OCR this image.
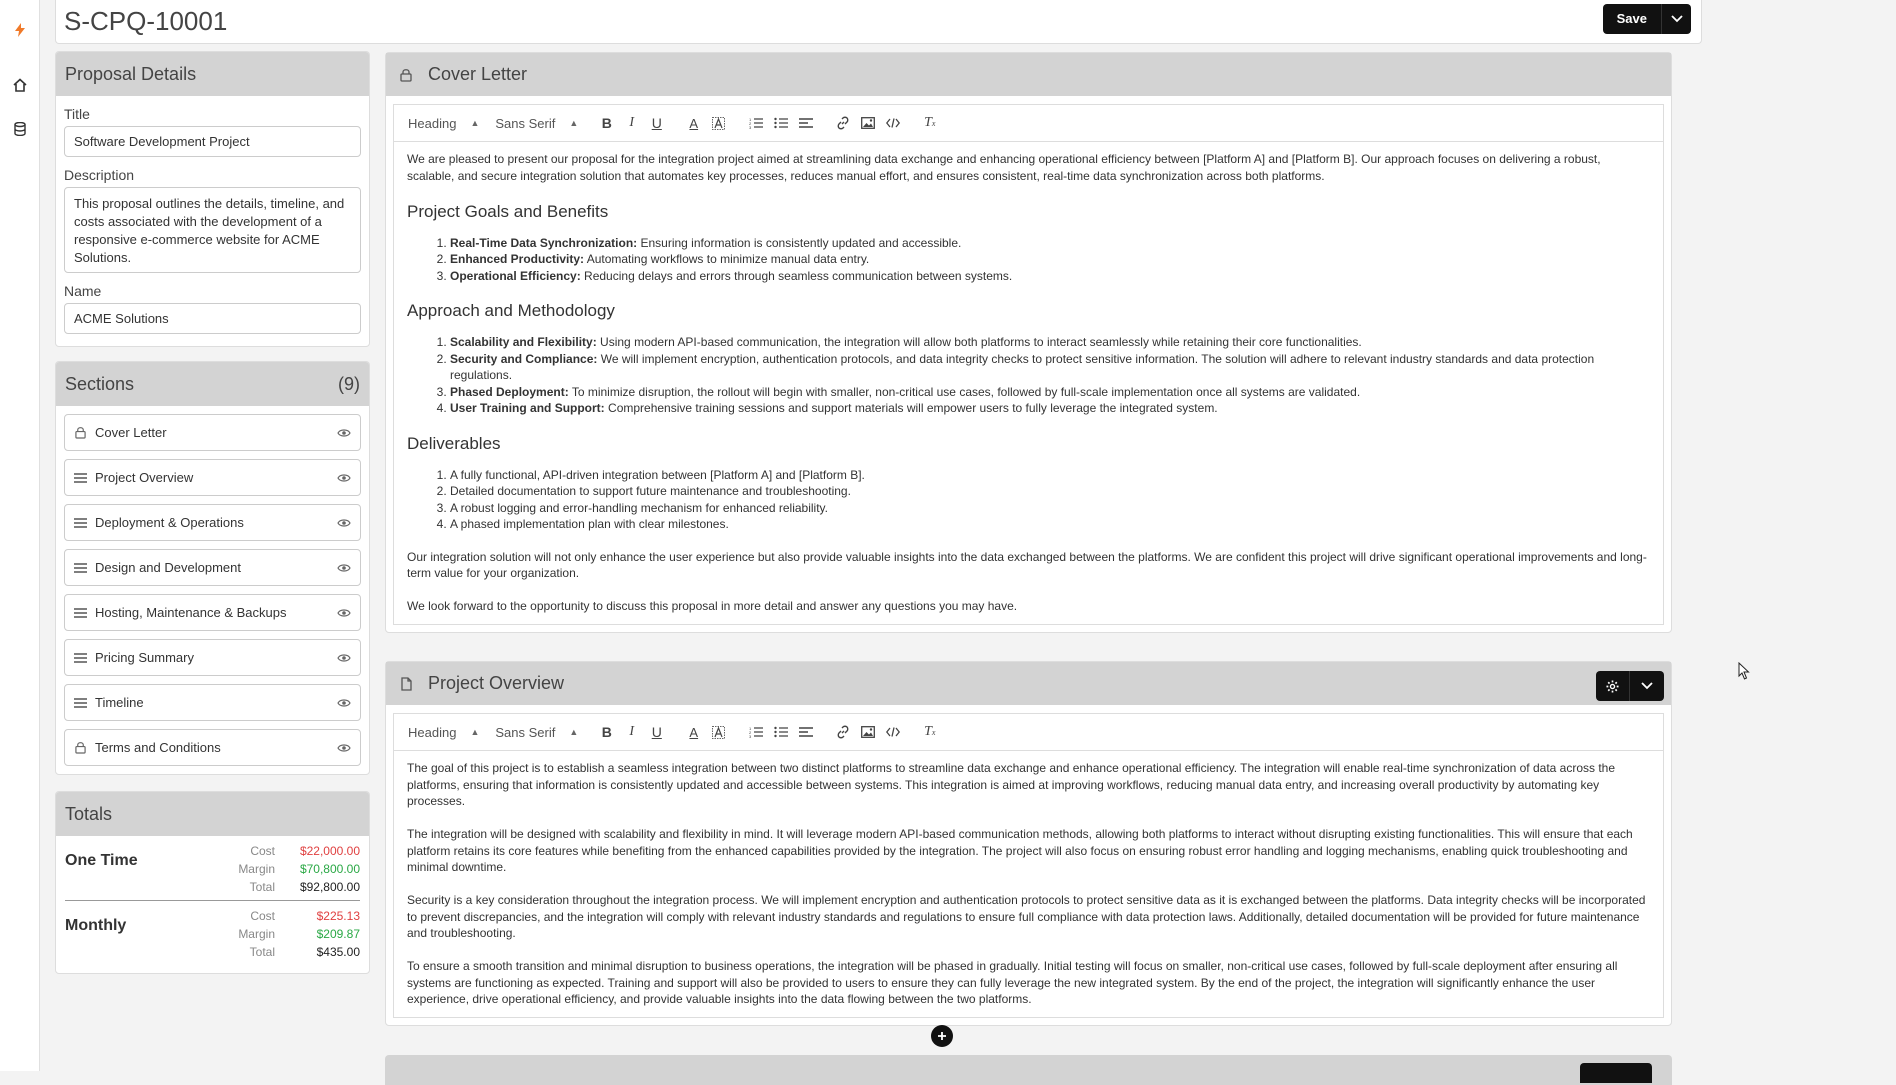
S-CPQ-10001	Save
Proposal Details
Title
Software Development Project
Description
This proposal outlines the details, timeline, and costs associated with the development of a responsive e-commerce website for ACME Solutions.
Name
ACME Solutions
Sections	(9)
Cover Letter
Project Overview
Deployment & Operations
Design and Development
Hosting, Maintenance & Backups
Pricing Summary
Timeline
Terms and Conditions
Totals
One Time
Cost	$22,000.00
Margin	$70,800.00
Total	$92,800.00
Monthly
Cost	$225.13
Margin	$209.87
Total	$435.00
Cover Letter
Heading ▲︎ Sans Serif ▲︎	B	I	U	A	1
2
3	T x

We are pleased to present our proposal for the integration project aimed at streamlining data exchange and enhancing operational efficiency between [Platform A] and [Platform B]. Our approach focuses on delivering a robust, scalable, and secure integration solution that automates key processes, reduces manual effort, and ensures consistent, real-time data synchronization across both platforms.

Project Goals and Benefits
1. Real-Time Data Synchronization: Ensuring information is consistently updated and accessible.
2. Enhanced Productivity: Automating workflows to minimize manual data entry.
3. Operational Efficiency: Reducing delays and errors through seamless communication between systems.
Approach and Methodology
1. Scalability and Flexibility: Using modern API-based communication, the integration will allow both platforms to interact seamlessly while retaining their core functionalities.
2. Security and Compliance: We will implement encryption, authentication protocols, and data integrity checks to protect sensitive information. The solution will adhere to relevant industry standards and data protection regulations.
3. Phased Deployment: To minimize disruption, the rollout will begin with smaller, non-critical use cases, followed by full-scale implementation once all systems are validated.
4. User Training and Support: Comprehensive training sessions and support materials will empower users to fully leverage the integrated system.
Deliverables
1. A fully functional, API-driven integration between [Platform A] and [Platform B].
2. Detailed documentation to support future maintenance and troubleshooting.
3. A robust logging and error-handling mechanism for enhanced reliability.
4. A phased implementation plan with clear milestones.

Our integration solution will not only enhance the user experience but also provide valuable insights into the data exchanged between the platforms. We are confident this project will drive significant operational improvements and long-term value for your organization.

We look forward to the opportunity to discuss this proposal in more detail and answer any questions you may have.

Project Overview
Heading ▲︎ Sans Serif ▲︎	B	I	U	A	1
2
3	T x

The goal of this project is to establish a seamless integration between two distinct platforms to streamline data exchange and enhance operational efficiency. The integration will enable real-time synchronization of data across the platforms, ensuring that information is consistently updated and accessible between systems. This integration is aimed at improving workflows, reducing manual data entry, and increasing overall productivity by automating key processes.

The integration will be designed with scalability and flexibility in mind. It will leverage modern API-based communication methods, allowing both platforms to interact without disrupting existing functionalities. This will ensure that each platform retains its core features while benefiting from the enhanced capabilities provided by the integration. The project will also focus on ensuring robust error handling and logging mechanisms, enabling quick troubleshooting and minimal downtime.

Security is a key consideration throughout the integration process. We will implement encryption and authentication protocols to protect sensitive data as it is exchanged between the platforms. Data integrity checks will be incorporated to prevent discrepancies, and the integration will comply with relevant industry standards and regulations to ensure full compliance with data protection laws. Additionally, detailed documentation will be provided for future maintenance and troubleshooting.

To ensure a smooth transition and minimal disruption to business operations, the integration will be phased in gradually. Initial testing will focus on smaller, non-critical use cases, followed by full-scale deployment after ensuring all systems are functioning as expected. Training and support will also be provided to users to ensure they can fully leverage the new integrated system. By the end of the project, the integration will significantly enhance the user experience, drive operational efficiency, and provide valuable insights into the data flowing between the two platforms.
